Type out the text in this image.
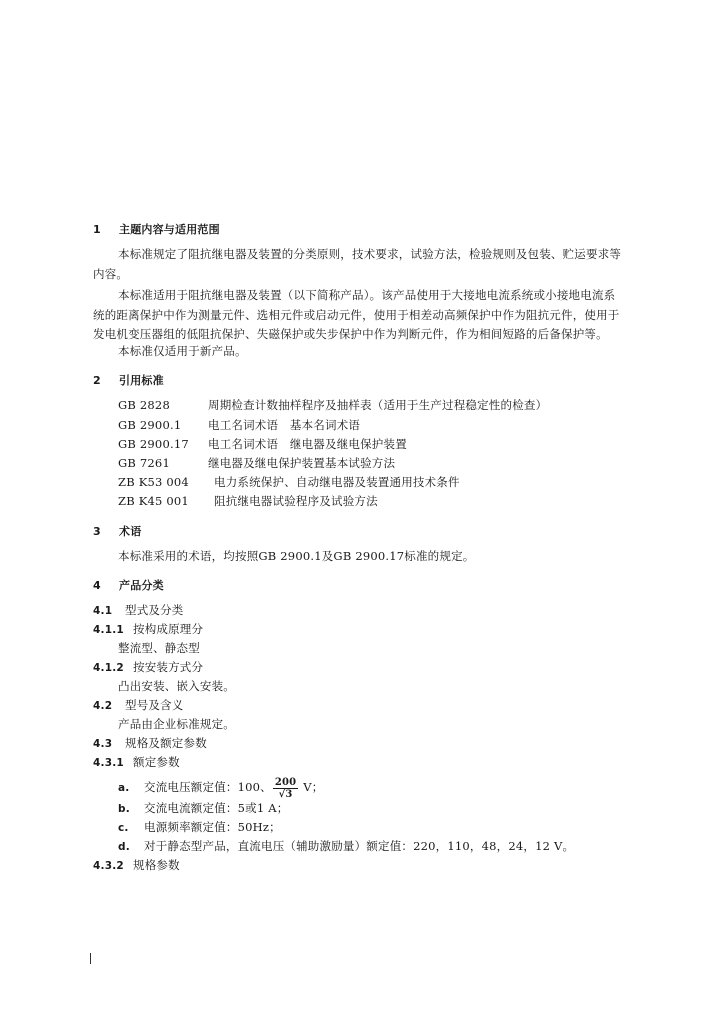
1 主题内容与适用范围
本标准规定了阻抗继电器及装置的分类原则，技术要求，试验方法，检验规则及包装、贮运要求等
内容。
本标准适用于阻抗继电器及装置（以下简称产品）。该产品使用于大接地电流系统或小接地电流系
统的距离保护中作为测量元件、选相元件或启动元件，使用于相差动高频保护中作为阻抗元件，使用于
发电机变压器组的低阻抗保护、失磁保护或失步保护中作为判断元件，作为相间短路的后备保护等。
本标准仅适用于新产品。
2 引用标准
GB 2828	周期检查计数抽样程序及抽样表（适用于生产过程稳定性的检查）
GB 2900.1 电工名词术语　基本名词术语
GB 2900.17 电工名词术语　继电器及继电保护装置
GB 7261	继电器及继电保护装置基本试验方法
ZB K53 004 电力系统保护、自动继电器及装置通用技术条件
ZB K45 001 阻抗继电器试验程序及试验方法
3 术语
本标准采用的术语，均按照GB 2900.1及GB 2900.17标准的规定。
4 产品分类
4.1 型式及分类
4.1.1 按构成原理分
整流型、静态型
4.1.2 按安装方式分
凸出安装、嵌入安装。
4.2 型号及含义
产品由企业标准规定。
4.3 规格及额定参数
4.3.1 额定参数
a. 交流电压额定值：100、 $\frac{200}{√3}$ V；
b. 交流电流额定值：5或1 A；
c. 电源频率额定值：50Hz；
d. 对于静态型产品，直流电压（辅助激励量）额定值：220，110，48，24，12 V。
4.3.2 规格参数
